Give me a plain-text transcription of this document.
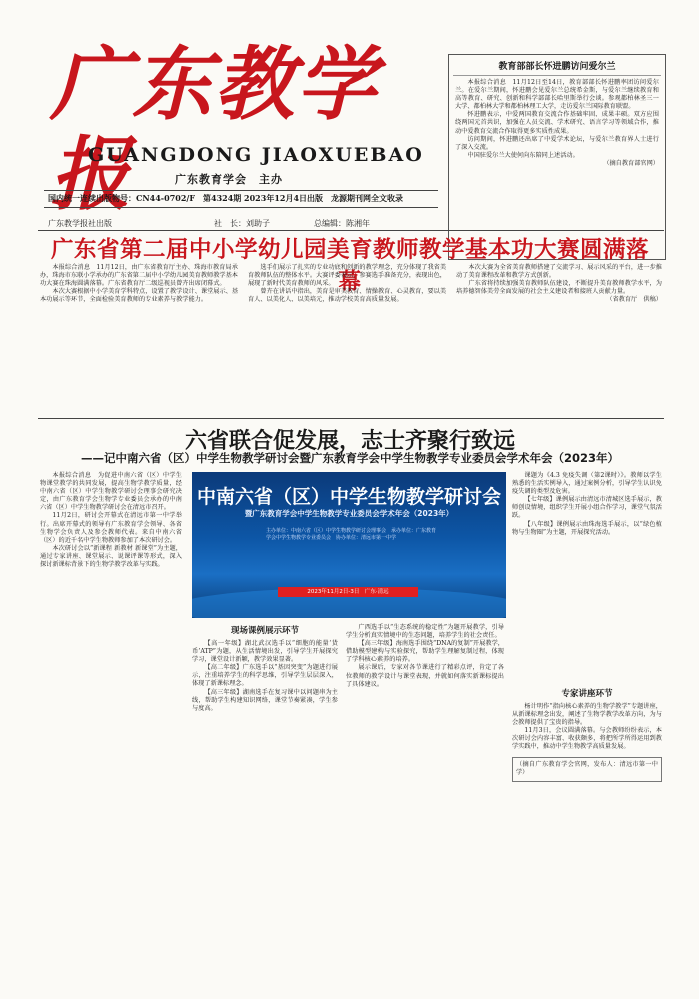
广东教学报
GUANGDONG JIAOXUEBAO
广东教育学会　主办
国内统一连续出版物号：CN44-0702/F　第4324期 2023年12月4日出版　龙源期刊网全文收录
广东教学报社出版	社　长：刘助子	总编辑：陈湘年
教育部部长怀进鹏访问爱尔兰

本报综合消息　11月12日至14日，教育部部长怀进鹏率团访问爱尔兰。在爱尔兰期间，怀进鹏会见爱尔兰总统希金斯，与爱尔兰继续教育和高等教育、研究、创新和科学部部长哈里斯举行会谈。参观都柏林圣三一大学、都柏林大学和都柏林理工大学，走访爱尔兰国际教育联盟。

怀进鹏表示，中爱两国教育交流合作基础牢固、成果丰硕。双方应围绕两国元首共识，加强在人员交流、学术研究、语言学习等领域合作，推动中爱教育交流合作取得更多实质性成果。

访问期间，怀进鹏还出席了中爱学术论坛，与爱尔兰教育界人士进行了深入交流。

中国驻爱尔兰大使何向东陪同上述活动。

（摘自教育部官网）
广东省第二届中小学幼儿园美育教师教学基本功大赛圆满落幕

本报综合消息　11月12日，由广东省教育厅主办、珠海市教育局承办，珠海市东联小学承办的广东省第二届中小学幼儿园美育教师教学基本功大赛在珠海圆满落幕。广东省教育厅二级巡视员曾卉出席闭幕式。

本次大赛根据中小学美育学科特点，设置了教学设计、课堂展示、基本功展示等环节，全面检验美育教师的专业素养与教学能力。

选手们展示了扎实的专业功底和创新的教学理念，充分体现了我省美育教师队伍的整体水平。大赛评委表示，参赛选手准备充分，表现出色，展现了新时代美育教师的风采。

曾卉在讲话中指出，美育是审美教育、情操教育、心灵教育，要以美育人、以美化人、以美培元，推动学校美育高质量发展。

本次大赛为全省美育教师搭建了交流学习、展示风采的平台，进一步推动了美育课程改革和教学方式创新。

广东省将持续加强美育教师队伍建设，不断提升美育教师教学水平，为培养德智体美劳全面发展的社会主义建设者和接班人贡献力量。

（省教育厅　供稿）
六省联合促发展，志士齐聚行致远
——记中南六省（区）中学生物教学研讨会暨广东教育学会中学生物教学专业委员会学术年会（2023年）

本报综合消息　为促进中南六省（区）中学生物课堂教学的共同发展，提高生物学教学质量，经中南六省（区）中学生物教学研讨会理事会研究决定，由广东教育学会生物学专业委员会承办的中南六省（区）中学生物教学研讨会在清远市召开。

11月2日，研讨会开幕式在清远市第一中学举行。出席开幕式的领导有广东教育学会领导、各省生物学会负责人及参会教师代表。来自中南六省（区）的近千名中学生物教师参加了本次研讨会。

本次研讨会以“新课程 新教材 新课堂”为主题，通过专家讲座、课堂展示、说课评课等形式，深入探讨新课标背景下的生物学教学改革与实践。

中南六省（区）中学生物教学研讨会
暨广东教育学会中学生物教学专业委员会学术年会（2023年）
主办单位：中南六省（区）中学生物教学研讨会理事会　承办单位：广东教育学会中学生物教学专业委员会　协办单位：清远市第一中学
2023年11月2日-3日　广东·清远
现场课例展示环节

【高一年级】湖北武汉选手以“细胞的能量‘货币’ATP”为题，从生活情境出发，引导学生开展探究学习，课堂设计新颖，教学效果显著。

【高二年级】广东选手以“基因突变”为题进行展示，注重培养学生的科学思维，引导学生层层深入，体现了新课标理念。

【高三年级】湖南选手在复习课中以问题串为主线，帮助学生构建知识网络，课堂节奏紧凑，学生参与度高。

广西选手以“生态系统的稳定性”为题开展教学，引导学生分析真实情境中的生态问题，培养学生的社会责任。

【高三年级】海南选手围绕“DNA的复制”开展教学，借助模型建构与实验探究，帮助学生理解复制过程，体现了学科核心素养的培养。

展示课后，专家对各节课进行了精彩点评，肯定了各位教师的教学设计与课堂表现，并就如何落实新课标提出了具体建议。

课题为《4.3 免疫失调（第2课时）》。教师以学生熟悉的生活实例导入，通过案例分析，引导学生认识免疫失调的类型及危害。

【七年级】课例展示由清远市清城区选手展示，教师创设情境，组织学生开展小组合作学习，课堂气氛活跃。

【八年级】课例展示由珠海选手展示，以“绿色植物与生物圈”为主题，开展探究活动。

专家讲座环节

杨计明作“指向核心素养的生物学教学”专题讲座，从新课标理念出发，阐述了生物学教学改革方向，为与会教师提供了宝贵的指导。

11月3日，会议圆满落幕。与会教师纷纷表示，本次研讨会内容丰富、收获颇多，将把所学所得运用到教学实践中，推动中学生物教学高质量发展。

（摘自广东教育学会官网，发布人：清远市第一中学）
